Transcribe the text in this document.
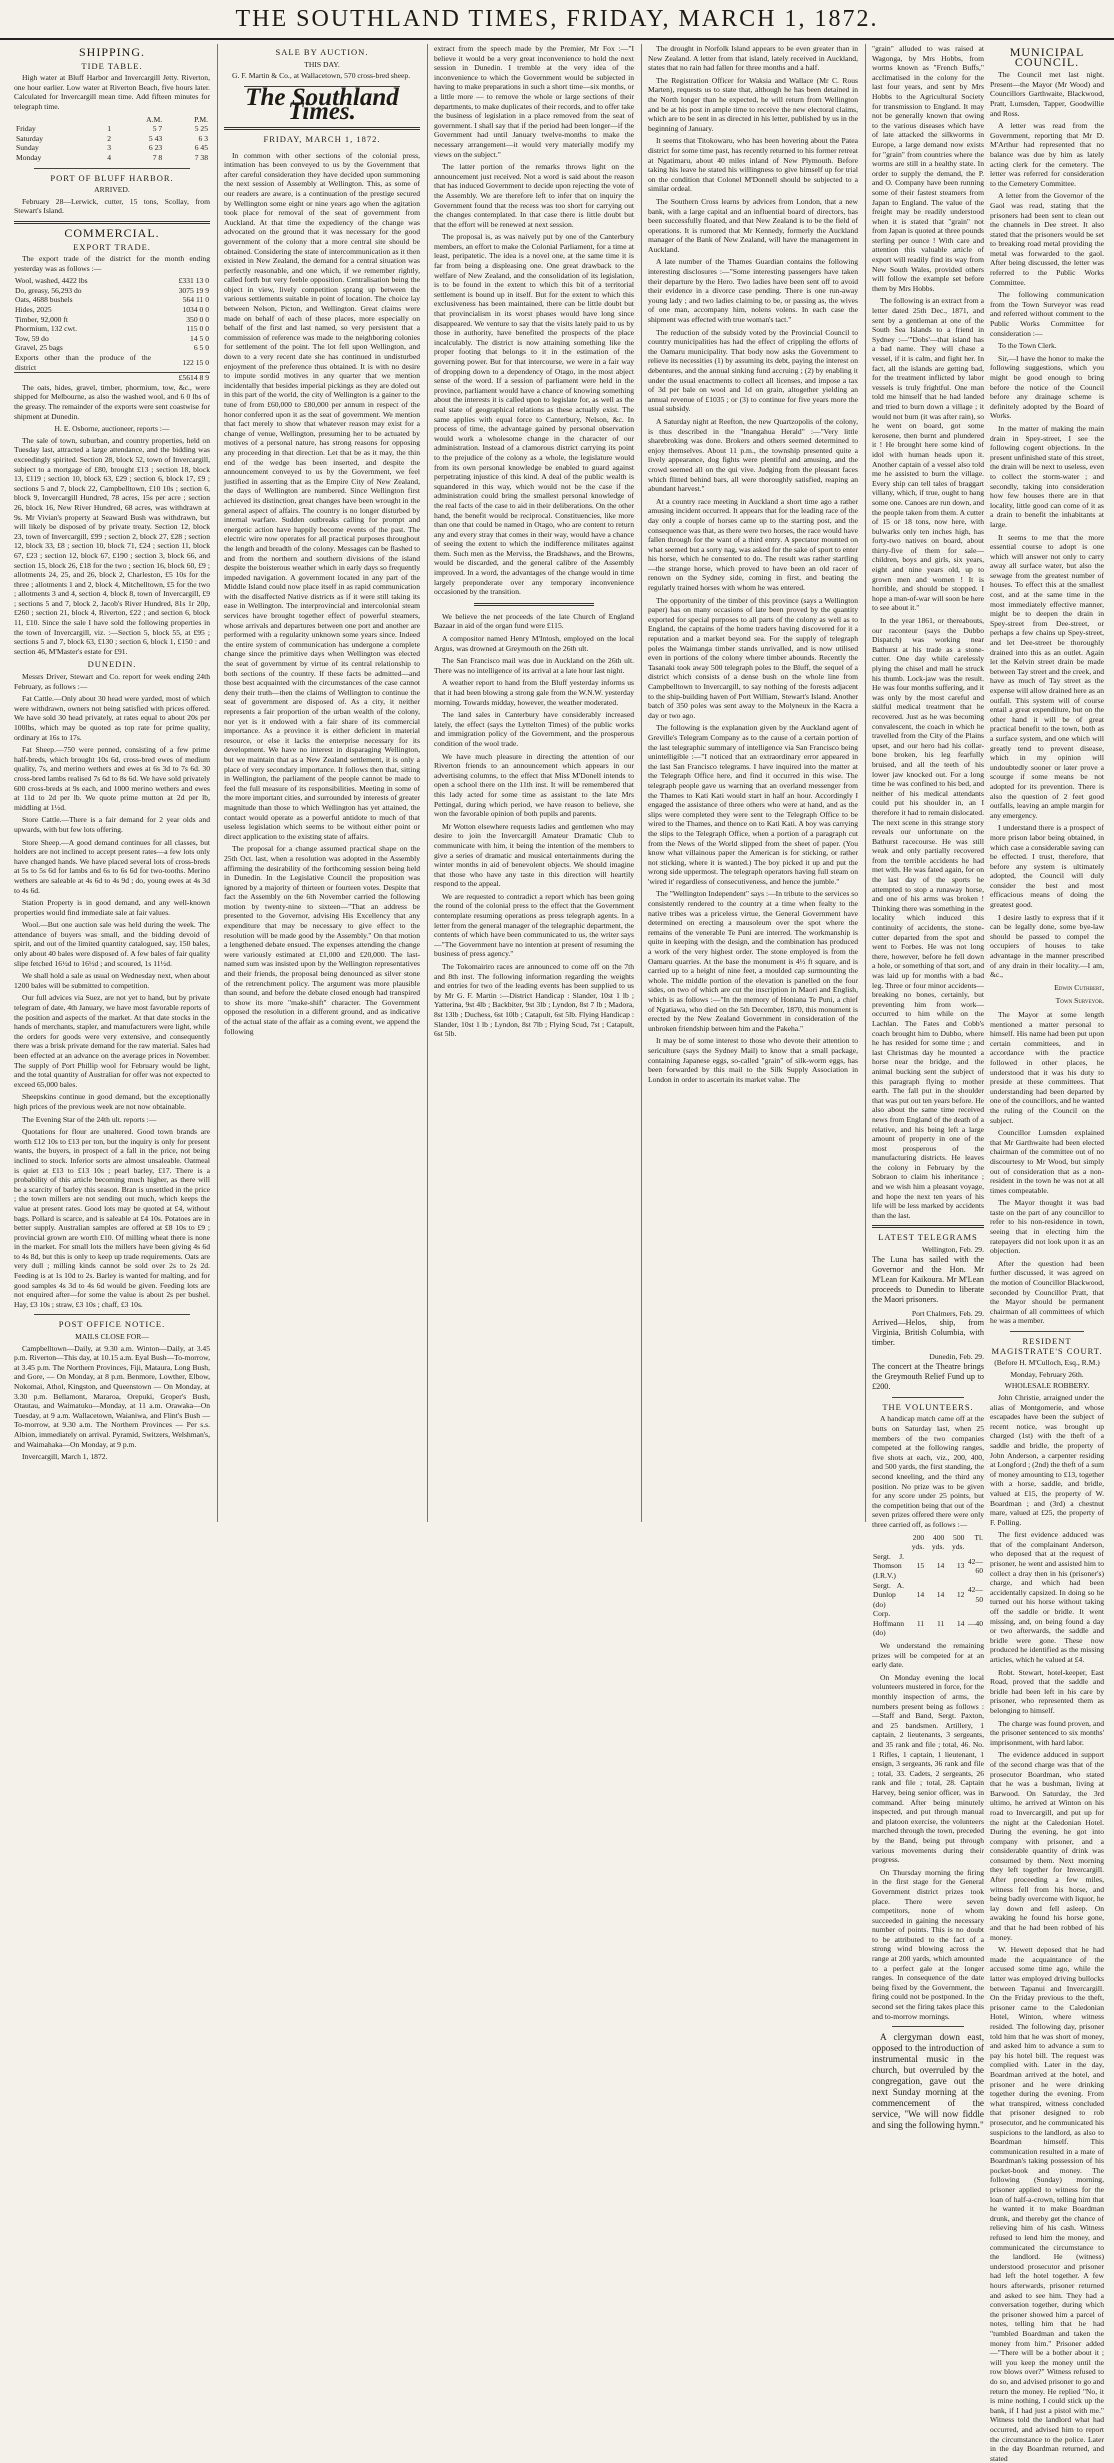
THE SOUTHLAND TIMES, FRIDAY, MARCH 1, 1872.
SHIPPING.
TIDE TABLE.

High water at Bluff Harbor and Invercargill Jetty. Riverton, one hour earlier. Low water at Riverton Beach, five hours later. Calculated for Invercargill mean time. Add fifteen minutes for telegraph time.

		A.M.	P.M.
Friday	1	5 7	5 25
Saturday	2	5 43	6 3
Sunday	3	6 23	6 45
Monday	4	7 8	7 38
PORT OF BLUFF HARBOR.
ARRIVED.

February 28—Lerwick, cutter, 15 tons, Scollay, from Stewart's Island.

COMMERCIAL.
EXPORT TRADE.

The export trade of the district for the month ending yesterday was as follows :—

Wool, washed, 4422 lbs	£331 13 0
Do, greasy, 56,293 do	3075 19 9
Oats, 4688 bushels	564 11 0
Hides, 2025	1034 0 0
Timber, 92,000 ft	350 0 0
Phormium, 132 cwt.	115 0 0
Tow, 59 do	14 5 0
Gravel, 25 bags	6 5 0
Exports other than the produce of the district	122 15 0
	£5614 8 9

The oats, hides, gravel, timber, phormium, tow, &c., were shipped for Melbourne, as also the washed wool, and 6 0 lbs of the greasy. The remainder of the exports were sent coastwise for shipment at Dunedin.

H. E. Osborne, auctioneer, reports :—

The sale of town, suburban, and country properties, held on Tuesday last, attracted a large attendance, and the bidding was exceedingly spirited. Section 28, block 52, town of Invercargill, subject to a mortgage of £80, brought £13 ; section 18, block 13, £119 ; section 10, block 63, £29 ; section 6, block 17, £9 ; sections 5 and 7, block 22, Campbelltown, £10 10s ; section 6, block 9, Invercargill Hundred, 78 acres, 15s per acre ; section 26, block 16, New River Hundred, 68 acres, was withdrawn at 9s. Mr Vivian's property at Seaward Bush was withdrawn, but will likely be disposed of by private treaty. Section 12, block 23, town of Invercargill, £99 ; section 2, block 27, £28 ; section 12, block 33, £8 ; section 10, block 71, £24 ; section 11, block 67, £23 ; section 12, block 67, £190 ; section 3, block 66, and section 15, block 26, £18 for the two ; section 16, block 60, £9 ; allotments 24, 25, and 26, block 2, Charleston, £5 10s for the three ; allotments 1 and 2, block 4, Mitchelltown, £5 for the two ; allotments 3 and 4, section 4, block 8, town of Invercargill, £9 ; sections 5 and 7, block 2, Jacob's River Hundred, 81s 1r 20p, £260 ; section 21, block 4, Riverton, £22 ; and section 6, block 11, £10. Since the sale I have sold the following properties in the town of Invercargill, viz. :—Section 5, block 55, at £95 ; sections 5 and 7, block 63, £130 ; section 6, block 1, £150 : and section 46, M'Master's estate for £91.

DUNEDIN.

Messrs Driver, Stewart and Co. report for week ending 24th February, as follows :—

Fat Cattle.—Only about 30 head were yarded, most of which were withdrawn, owners not being satisfied with prices offered. We have sold 30 head privately, at rates equal to about 20s per 100lbs, which may be quoted as top rate for prime quality, ordinary at 16s to 17s.

Fat Sheep.—750 were penned, consisting of a few prime half-breds, which brought 10s 6d, cross-bred ewes of medium quality, 7s, and merino wethers and ewes at 6s 3d to 7s 6d. 30 cross-bred lambs realised 7s 6d to 8s 6d. We have sold privately 600 cross-breds at 9s each, and 1000 merino wethers and ewes at 11d to 2d per lb. We quote prime mutton at 2d per lb, middling at 1½d.

Store Cattle.—There is a fair demand for 2 year olds and upwards, with but few lots offering.

Store Sheep.—A good demand continues for all classes, but holders are not inclined to accept present rates—a few lots only have changed hands. We have placed several lots of cross-breds at 5s to 5s 6d for lambs and 6s to 6s 6d for two-tooths. Merino wethers are saleable at 4s 6d to 4s 9d ; do, young ewes at 4s 3d to 4s 6d.

Station Property is in good demand, and any well-known properties would find immediate sale at fair values.

Wool.—But one auction sale was held during the week. The attendance of buyers was small, and the bidding devoid of spirit, and out of the limited quantity catalogued, say, 150 bales, only about 40 bales were disposed of. A few bales of fair quality slipe fetched 16½d to 16½d ; and scoured, 1s 11½d.

We shall hold a sale as usual on Wednesday next, when about 1200 bales will be submitted to competition.

Our full advices via Suez, are not yet to hand, but by private telegram of date, 4th January, we have most favorable reports of the position and aspects of the market. At that date stocks in the hands of merchants, stapler, and manufacturers were light, while the orders for goods were very extensive, and consequently there was a brisk private demand for the raw material. Sales had been effected at an advance on the average prices in November. The supply of Port Phillip wool for February would be light, and the total quantity of Australian for offer was not expected to exceed 65,000 bales.

Sheepskins continue in good demand, but the exceptionally high prices of the previous week are not now obtainable.

The Evening Star of the 24th ult. reports :—

Quotations for flour are unaltered. Good town brands are worth £12 10s to £13 per ton, but the inquiry is only for present wants, the buyers, in prospect of a fall in the price, not being inclined to stock. Inferior sorts are almost unsaleable. Oatmeal is quiet at £13 to £13 10s ; pearl barley, £17. There is a probability of this article becoming much higher, as there will be a scarcity of barley this season. Bran is unsettled in the price ; the town millers are not sending out much, which keeps the value at present rates. Good lots may be quoted at £4, without bags. Pollard is scarce, and is saleable at £4 10s. Potatoes are in better supply. Australian samples are offered at £8 10s to £9 ; provincial grown are worth £10. Of milling wheat there is none in the market. For small lots the millers have been giving 4s 6d to 4s 8d, but this is only to keep up trade requirements. Oats are very dull ; milling kinds cannot be sold over 2s to 2s 2d. Feeding is at 1s 10d to 2s. Barley is wanted for malting, and for good samples 4s 3d to 4s 6d would be given. Feeding lots are not enquired after—for some the value is about 2s per bushel. Hay, £3 10s ; straw, £3 10s ; chaff, £3 10s.

POST OFFICE NOTICE.
MAILS CLOSE FOR—

Campbelltown—Daily, at 9.30 a.m. Winton—Daily, at 3.45 p.m. Riverton—This day, at 10.15 a.m. Eyal Bush—To-morrow, at 3.45 p.m. The Northern Provinces, Fiji, Mataura, Long Bush, and Gore, — On Monday, at 8 p.m. Benmore, Lowther, Elbow, Nokomai, Athol, Kingston, and Queenstown — On Monday, at 3.30 p.m. Bellamont, Mararoa, Orepuki, Groper's Bush, Otautau, and Waimatuku—Monday, at 11 a.m. Orawaka—On Tuesday, at 9 a.m. Wallacetown, Waianiwa, and Flint's Bush — To-morrow, at 9.30 a.m. The Northern Provinces — Per s.s. Albion, immediately on arrival. Pyramid, Switzers, Welshman's, and Waimahaka—On Monday, at 9 p.m.

Invercargill, March 1, 1872.

SALE BY AUCTION.
THIS DAY.

G. F. Martin & Co., at Wallacetown, 570 cross-bred sheep.

The Southland Times.
FRIDAY, MARCH 1, 1872.

In common with other sections of the colonial press, intimation has been conveyed to us by the Government that after careful consideration they have decided upon summoning the next session of Assembly at Wellington. This, as some of our readers are aware, is a continuation of the prestige secured by Wellington some eight or nine years ago when the agitation took place for removal of the seat of government from Auckland. At that time the expediency of the change was advocated on the ground that it was necessary for the good government of the colony that a more central site should be obtained. Considering the state of intercommunication as it then existed in New Zealand, the demand for a central situation was perfectly reasonable, and one which, if we remember rightly, called forth but very feeble opposition. Centralisation being the object in view, lively competition sprang up between the various settlements suitable in point of location. The choice lay between Nelson, Picton, and Wellington. Great claims were made on behalf of each of these places, more especially on behalf of the first and last named, so very persistent that a commission of reference was made to the neighboring colonies for settlement of the point. The lot fell upon Wellington, and down to a very recent date she has continued in undisturbed enjoyment of the preference thus obtained. It is with no desire to impute sordid motives in any quarter that we mention incidentally that besides imperial pickings as they are doled out in this part of the world, the city of Wellington is a gainer to the tune of from £60,000 to £80,000 per annum in respect of the honor conferred upon it as the seat of government. We mention that fact merely to show that whatever reason may exist for a change of venue, Wellington, presuming her to be actuated by motives of a personal nature, has strong reasons for opposing any proceeding in that direction. Let that be as it may, the thin end of the wedge has been inserted, and despite the announcement conveyed to us by the Government, we feel justified in asserting that as the Empire City of New Zealand, the days of Wellington are numbered. Since Wellington first achieved its distinction, great changes have been wrought in the general aspect of affairs. The country is no longer disturbed by internal warfare. Sudden outbreaks calling for prompt and energetic action have happily become events of the past. The electric wire now operates for all practical purposes throughout the length and breadth of the colony. Messages can be flashed to and from the northern and southern divisions of the island despite the boisterous weather which in early days so frequently impeded navigation. A government located in any part of the Middle Island could now place itself in as rapid communication with the disaffected Native districts as if it were still taking its ease in Wellington. The interprovincial and intercolonial steam services have brought together effect of powerful steamers, whose arrivals and departures between one port and another are performed with a regularity unknown some years since. Indeed the entire system of communication has undergone a complete change since the primitive days when Wellington was elected the seat of government by virtue of its central relationship to both sections of the country. If these facts be admitted—and those best acquainted with the circumstances of the case cannot deny their truth—then the claims of Wellington to continue the seat of government are disposed of. As a city, it neither represents a fair proportion of the urban wealth of the colony, nor yet is it endowed with a fair share of its commercial importance. As a province it is either deficient in material resource, or else it lacks the enterprise necessary for its development. We have no interest in disparaging Wellington, but we maintain that as a New Zealand settlement, it is only a place of very secondary importance. It follows then that, sitting in Wellington, the parliament of the people cannot be made to feel the full measure of its responsibilities. Meeting in some of the more important cities, and surrounded by interests of greater magnitude than those to which Wellington has yet attained, the contact would operate as a powerful antidote to much of that useless legislation which seems to be without either point or direct application to the existing state of affairs.

The proposal for a change assumed practical shape on the 25th Oct. last, when a resolution was adopted in the Assembly affirming the desirability of the forthcoming session being held in Dunedin. In the Legislative Council the proposition was ignored by a majority of thirteen or fourteen votes. Despite that fact the Assembly on the 6th November carried the following motion by twenty-nine to sixteen—"That an address be presented to the Governor, advising His Excellency that any expenditure that may be necessary to give effect to the resolution will be made good by the Assembly." On that motion a lengthened debate ensued. The expenses attending the change were variously estimated at £1,000 and £20,000. The last-named sum was insisted upon by the Wellington representatives and their friends, the proposal being denounced as silver stone of the retrenchment policy. The argument was more plausible than sound, and before the debate closed enough had transpired to show its more "make-shift" character. The Government opposed the resolution in a different ground, and as indicative of the actual state of the affair as a coming event, we append the following

extract from the speech made by the Premier, Mr Fox :—"I believe it would be a very great inconvenience to hold the next session in Dunedin. I tremble at the very idea of the inconvenience to which the Government would be subjected in having to make preparations in such a short time—six months, or a little more — to remove the whole or large sections of their departments, to make duplicates of their records, and to offer take the business of legislation in a place removed from the seat of government. I shall say that if the period had been longer—if the Government had until January twelve-months to make the necessary arrangement—it would very materially modify my views on the subject."

The latter portion of the remarks throws light on the announcement just received. Not a word is said about the reason that has induced Government to decide upon rejecting the vote of the Assembly. We are therefore left to infer that on inquiry the Government found that the recess was too short for carrying out the changes contemplated. In that case there is little doubt but that the effort will be renewed at next session.

The proposal is, as was naively put by one of the Canterbury members, an effort to make the Colonial Parliament, for a time at least, peripatetic. The idea is a novel one, at the same time it is far from being a displeasing one. One great drawback to the welfare of New Zealand, and the consolidation of its legislation, is to be found in the extent to which this bit of a territorial settlement is bound up in itself. But for the extent to which this exclusiveness has been maintained, there can be little doubt but that provincialism in its worst phases would have long since disappeared. We venture to say that the visits lately paid to us by those in authority, have benefited the prospects of the place incalculably. The district is now attaining something like the proper footing that belongs to it in the estimation of the governing power. But for that intercourse, we were in a fair way of dropping down to a dependency of Otago, in the most abject sense of the word. If a session of parliament were held in the province, parliament would have a chance of knowing something about the interests it is called upon to legislate for, as well as the real state of geographical relations as these actually exist. The same applies with equal force to Canterbury, Nelson, &c. In process of time, the advantage gained by personal observation would work a wholesome change in the character of our administration. Instead of a clamorous district carrying its point to the prejudice of the colony as a whole, the legislature would from its own personal knowledge be enabled to guard against perpetrating injustice of this kind. A deal of the public wealth is squandered in this way, which would not be the case if the administration could bring the smallest personal knowledge of the real facts of the case to aid in their deliberations. On the other hand, the benefit would be reciprocal. Constituencies, like more than one that could be named in Otago, who are content to return any and every stray that comes in their way, would have a chance of seeing the extent to which the indifference militates against them. Such men as the Merviss, the Bradshaws, and the Browns, would be discarded, and the general calibre of the Assembly improved. In a word, the advantages of the change would in time largely preponderate over any temporary inconvenience occasioned by the transition.

We believe the net proceeds of the late Church of England Bazaar in aid of the organ fund were £115.

A compositor named Henry M'Intosh, employed on the local Argus, was drowned at Greymouth on the 26th ult.

The San Francisco mail was due in Auckland on the 26th ult. There was no intelligence of its arrival at a late hour last night.

A weather report to hand from the Bluff yesterday informs us that it had been blowing a strong gale from the W.N.W. yesterday morning. Towards midday, however, the weather moderated.

The land sales in Canterbury have considerably increased lately, the effect (says the Lyttelton Times) of the public works and immigration policy of the Government, and the prosperous condition of the wool trade.

We have much pleasure in directing the attention of our Riverton friends to an announcement which appears in our advertising columns, to the effect that Miss M'Donell intends to open a school there on the 11th inst. It will be remembered that this lady acted for some time as assistant to the late Mrs Pettingal, during which period, we have reason to believe, she won the favorable opinion of both pupils and parents.

Mr Wotton elsewhere requests ladies and gentlemen who may desire to join the Invercargill Amateur Dramatic Club to communicate with him, it being the intention of the members to give a series of dramatic and musical entertainments during the winter months in aid of benevolent objects. We should imagine that those who have any taste in this direction will heartily respond to the appeal.

We are requested to contradict a report which has been going the round of the colonial press to the effect that the Government contemplate resuming operations as press telegraph agents. In a letter from the general manager of the telegraphic department, the contents of which have been communicated to us, the writer says—"The Government have no intention at present of resuming the business of press agency."

The Tokomairiro races are announced to come off on the 7th and 8th inst. The following information regarding the weights and entries for two of the leading events has been supplied to us by Mr G. F. Martin :—District Handicap : Slander, 10st 1 lb ; Yatterina, 9st 4lb ; Backbiter, 9st 3lb ; Lyndon, 8st 7 lb ; Madora, 8st 13lb ; Duchess, 6st 10lb ; Catapult, 6st 5lb. Flying Handicap : Slander, 10st 1 lb ; Lyndon, 8st 7lb ; Flying Scud, 7st ; Catapult, 6st 5lb.

The drought in Norfolk Island appears to be even greater than in New Zealand. A letter from that island, lately received in Auckland, states that no rain had fallen for three months and a half.

The Registration Officer for Waksia and Wallace (Mr C. Rous Marten), requests us to state that, although he has been detained in the North longer than he expected, he will return from Wellington and be at his post in ample time to receive the new electoral claims, which are to be sent in as directed in his letter, published by us in the beginning of January.

It seems that Titokowaru, who has been hovering about the Patea district for some time past, has recently returned to his former retreat at Ngatimaru, about 40 miles inland of New Plymouth. Before taking his leave he stated his willingness to give himself up for trial on the condition that Colonel M'Donnell should be subjected to a similar ordeal.

The Southern Cross learns by advices from London, that a new bank, with a large capital and an influential board of directors, has been successfully floated, and that New Zealand is to be the field of operations. It is rumored that Mr Kennedy, formerly the Auckland manager of the Bank of New Zealand, will have the management in Auckland.

A late number of the Thames Guardian contains the following interesting disclosures :—"Some interesting passengers have taken their departure by the Hero. Two ladies have been sent off to avoid their evidence in a divorce case pending. There is one run-away young lady ; and two ladies claiming to be, or passing as, the wives of one man, accompany him, nolens volens. In each case the shipment was effected with true woman's tact."

The reduction of the subsidy voted by the Provincial Council to country municipalities has had the effect of crippling the efforts of the Oamaru municipality. That body now asks the Government to relieve its necessities (1) by assuming its debt, paying the interest on debentures, and the annual sinking fund accruing ; (2) by enabling it under the usual enactments to collect all licenses, and impose a tax of 3d per bale on wool and 1d on grain, altogether yielding an annual revenue of £1035 ; or (3) to continue for five years more the usual subsidy.

A Saturday night at Reefton, the new Quartzopolis of the colony, is thus described in the "Inangahua Herald" :—"Very little sharebroking was done. Brokers and others seemed determined to enjoy themselves. About 11 p.m., the township presented quite a lively appearance, dog fights were plentiful and amusing, and the crowd seemed all on the qui vive. Judging from the pleasant faces which flitted behind bars, all were thoroughly satisfied, reaping an abundant harvest."

At a country race meeting in Auckland a short time ago a rather amusing incident occurred. It appears that for the leading race of the day only a couple of horses came up to the starting post, and the consequence was that, as there were two horses, the race would have fallen through for the want of a third entry. A spectator mounted on what seemed but a sorry nag, was asked for the sake of sport to enter his horse, which he consented to do. The result was rather startling—the strange horse, which proved to have been an old racer of renown on the Sydney side, coming in first, and beating the regularly trained horses with whom he was entered.

The opportunity of the timber of this province (says a Wellington paper) has on many occasions of late been proved by the quantity exported for special purposes to all parts of the colony as well as to England, the captains of the home traders having discovered for it a reputation and a market beyond sea. For the supply of telegraph poles the Waimanga timber stands unrivalled, and is now utilised even in portions of the colony where timber abounds. Recently the Tasanaki took away 500 telegraph poles to the Bluff, the sequel of a district which consists of a dense bush on the whole line from Campbelltown to Invercargill, to say nothing of the forests adjacent to the ship-building haven of Port William, Stewart's Island. Another batch of 350 poles was sent away to the Molyneux in the Kacra a day or two ago.

The following is the explanation given by the Auckland agent of Greville's Telegram Company as to the cause of a certain portion of the last telegraphic summary of intelligence via San Francisco being unintelligible :—"I noticed that an extraordinary error appeared in the last San Francisco telegrams. I have inquired into the matter at the Telegraph Office here, and find it occurred in this wise. The telegraph people gave us warning that an overland messenger from the Thames to Kati Kati would start in half an hour. Accordingly I engaged the assistance of three others who were at hand, and as the slips were completed they were sent to the Telegraph Office to be wired to the Thames, and thence on to Kati Kati. A boy was carrying the slips to the Telegraph Office, when a portion of a paragraph cut from the News of the World slipped from the sheet of paper. (You know what villainous paper the American is for sticking, or rather not sticking, where it is wanted.) The boy picked it up and put the wrong side uppermost. The telegraph operators having full steam on 'wired it' regardless of consecutiveness, and hence the jumble."

The "Wellington Independent" says :—In tribute to the services so consistently rendered to the country at a time when fealty to the native tribes was a priceless virtue, the General Government have determined on erecting a mausoleum over the spot where the remains of the venerable Te Puni are interred. The workmanship is quite in keeping with the design, and the combination has produced a work of the very highest order. The stone employed is from the Oamaru quarries. At the base the monument is 4½ ft square, and is carried up to a height of nine feet, a moulded cap surmounting the whole. The middle portion of the elevation is panelled on the four sides, on two of which are cut the inscription in Maori and English, which is as follows :—"In the memory of Honiana Te Puni, a chief of Ngatiawa, who died on the 5th December, 1870, this monument is erected by the New Zealand Government in consideration of the unbroken friendship between him and the Pakeha."

It may be of some interest to those who devote their attention to sericulture (says the Sydney Mail) to know that a small package, containing Japanese eggs, so-called "grain" of silk-worm eggs, has been forwarded by this mail to the Silk Supply Association in London in order to ascertain its market value. The

"grain" alluded to was raised at Wagonga, by Mrs Hobbs, from worms known as "French Buffs," acclimatised in the colony for the last four years, and sent by Mrs Hobbs to the Agricultural Society for transmission to England. It may not be generally known that owing to the various diseases which have of late attacked the silkworms in Europe, a large demand now exists for "grain" from countries where the worms are still in a healthy state. In order to supply the demand, the P. and O. Company have been running some of their fastest steamers from Japan to England. The value of the freight may be readily understood when it is stated that "grain" not from Japan is quoted at three pounds sterling per ounce ! With care and attention this valuable article of export will readily find its way from New South Wales, provided others will follow the example set before them by Mrs Hobbs.

The following is an extract from a letter dated 25th Dec., 1871, and sent by a gentleman at one of the South Sea Islands to a friend in Sydney :—"'Dobs'—that island has a bad name. They will chase a vessel, if it is calm, and fight her. In fact, all the islands are getting bad, for the treatment inflicted by labor vessels is truly frightful. One man told me himself that he had landed and tried to burn down a village ; it would not burn (it was after rain), so he went on board, got some kerosene, then burnt and plundered it ! He brought here some kind of idol with human heads upon it. Another captain of a vessel also told me he assisted to burn the village. Every ship can tell tales of braggart villany, which, if true, ought to hang some one. Canoes are run down, and the people taken from them. A cutter of 15 or 18 tons, now here, with bulwarks only ten inches high, has forty-two natives on board, about thirty-five of them for sale—children, boys and girls, six years, eight and nine years old, up to grown men and women ! It is horrible, and should be stopped. I hope a man-of-war will soon be here to see about it."

In the year 1861, or thereabouts, our raconteur (says the Dubbo Dispatch) was working near Bathurst at his trade as a stone-cutter. One day while carelessly plying the chisel and mall he struck his thumb. Lock-jaw was the result. He was four months suffering, and it was only by the most careful and skilful medical treatment that he recovered. Just as he was becoming convalescent, the coach in which he travelled from the City of the Plains upset, and our hero had his collar-bone broken, his leg fearfully bruised, and all the teeth of his lower jaw knocked out. For a long time he was confined to his bed, and neither of his medical attendants could put his shoulder in, an I therefore it had to remain dislocated. The next scene in this strange story reveals our unfortunate on the Bathurst racecourse. He was still weak and only partially recovered from the terrible accidents he had met with. He was fated again, for on the last day of the sports he attempted to stop a runaway horse, and one of his arms was broken ! Thinking there was something in the locality which induced this continuity of accidents, the stone-cutter departed from the spot and went to Forbes. He was not long there, however, before he fell down a hole, or something of that sort, and was laid up for months with a bad leg. Three or four minor accidents—breaking no bones, certainly, but preventing him from work—occurred to him while on the Lachlan. The Fates and Cobb's coach brought him to Dubbo, where he has resided for some time ; and last Christmas day he mounted a horse near the bridge, and the animal bucking sent the subject of this paragraph flying to mother earth. The fall put in the shoulder that was put out ten years before. He also about the same time received news from England of the death of a relative, and his being left a large amount of property in one of the most prosperous of the manufacturing districts. He leaves the colony in February by the Sobraon to claim his inheritance ; and we wish him a pleasant voyage, and hope the next ten years of his life will be less marked by accidents than the last.

LATEST TELEGRAMS
Wellington, Feb. 29.
The Luna has sailed with the Governor and the Hon. Mr M'Lean for Kaikoura. Mr M'Lean proceeds to Dunedin to liberate the Maori prisoners.
Port Chalmers, Feb. 29.
Arrived—Helos, ship, from Virginia, British Columbia, with timber.
Dunedin, Feb. 29.
The concert at the Theatre brings the Greymouth Relief Fund up to £200.
THE VOLUNTEERS.

A handicap match came off at the butts on Saturday last, when 25 members of the two companies competed at the following ranges, five shots at each, viz., 200, 400, and 500 yards, the first standing, the second kneeling, and the third any position. No prize was to be given for any score under 25 points, but the competition being that out of the seven prizes offered there were only three carried off, as follows :—

	200	400	500	Tl.
	yds.	yds.	yds.	
Sergt. J. Thomson (I.R.V.)	15	14	13	42—60
Sergt. A. Dunlop (do)	14	14	12	42—50
Corp. Hoffmann (do)	11	11	14	—40

We understand the remaining prizes will be competed for at an early date.

On Monday evening the local volunteers mustered in force, for the monthly inspection of arms, the numbers present being as follows :—Staff and Band, Sergt. Paxton, and 25 bandsmen. Artillery, 1 captain, 2 lieutenants, 3 sergeants, and 35 rank and file ; total, 46. No. 1 Rifles, 1 captain, 1 lieutenant, 1 ensign, 3 sergeants, 36 rank and file ; total, 33. Cadets, 2 sergeants, 26 rank and file ; total, 28. Captain Harvey, being senior officer, was in command. After being minutely inspected, and put through manual and platoon exercise, the volunteers marched through the town, preceded by the Band, being put through various movements during their progress.

On Thursday morning the firing in the first stage for the General Government district prizes took place. There were seven competitors, none of whom succeeded in gaining the necessary number of points. This is no doubt to be attributed to the fact of a strong wind blowing across the range at 200 yards, which amounted to a perfect gale at the longer ranges. In consequence of the date being fixed by the Government, the firing could not be postponed. In the second set the firing takes place this and to-morrow mornings.

A clergyman down east, opposed to the introduction of instrumental music in the church, but overruled by the congregation, gave out the next Sunday morning at the commencement of the service, "We will now fiddle and sing the following hymn."

MUNICIPAL COUNCIL.

The Council met last night. Present—the Mayor (Mr Wood) and Councillors Garthwaite, Blackwood, Pratt, Lumsden, Tapper, Goodwillie and Ross.

A letter was read from the Government, reporting that Mr D. M'Arthur had represented that no balance was due by him as lately acting clerk for the cemetery. The letter was referred for consideration to the Cemetery Committee.

A letter from the Governor of the Gaol was read, stating that the prisoners had been sent to clean out the channels in Dee street. It also stated that the prisoners would be set to breaking road metal providing the metal was forwarded to the gaol. After being discussed, the letter was referred to the Public Works Committee.

The following communication from the Town Surveyor was read and referred without comment to the Public Works Committee for consideration :—

To the Town Clerk.

Sir,—I have the honor to make the following suggestions, which you might be good enough to bring before the notice of the Council before any drainage scheme is definitely adopted by the Board of Works.

In the matter of making the main drain in Spey-street, I see the following cogent objections. In the present unfinished state of this street, the drain will be next to useless, even to collect the storm-water ; and secondly, taking into consideration how few houses there are in that locality, little good can come of it as a drain to benefit the inhabitants at large.

It seems to me that the more essential course to adopt is one which will answer not only to carry away all surface water, but also the sewage from the greatest number of houses. To effect this at the smallest cost, and at the same time in the most immediately effective manner, might be to deepen the drain in Spey-street from Dee-street, or perhaps a few chains up Spey-street, and let Dee-street be thoroughly drained into this as an outlet. Again let the Kelvin street drain be made between Tay street and the creek, and have as much of Tay street as the expense will allow drained here as an outfall. This system will of course entail a great expenditure, but on the other hand it will be of great practical benefit to the town, both as a surface system, and one which will greatly tend to prevent disease, which in my opinion will undoubtedly sooner or later prove a scourge if some means be not adopted for its prevention. There is also the question of 2 feet good outfalls, leaving an ample margin for any emergency.

I understand there is a prospect of more prison labor being obtained, in which case a considerable saving can be effected. I trust, therefore, that before any system is ultimately adopted, the Council will duly consider the best and most efficacious means of doing the greatest good.

I desire lastly to express that if it can be legally done, some bye-law should be passed to compel the occupiers of houses to take advantage in the manner prescribed of any drain in their locality.—I am, &c.,

Edwin Cuthbert,
Town Surveyor.

The Mayor at some length mentioned a matter personal to himself. His name had been put upon certain committees, and in accordance with the practice followed in other places, he understood that it was his duty to preside at these committees. That understanding had been departed by one of the councillors, and he wanted the ruling of the Council on the subject.

Councillor Lumsden explained that Mr Garthwaite had been elected chairman of the committee out of no discourtesy to Mr Wood, but simply out of consideration that as a non-resident in the town he was not at all times compeatable.

The Mayor thought it was bad taste on the part of any councillor to refer to his non-residence in town, seeing that in electing him the ratepayers did not look upon it as an objection.

After the question had been further discussed, it was agreed on the motion of Councillor Blackwood, seconded by Councillor Pratt, that the Mayor should be permanent chairman of all committees of which he was a member.

RESIDENT MAGISTRATE'S COURT.
(Before H. M'Culloch, Esq., R.M.)
Monday, February 26th.
WHOLESALE ROBBERY.

John Christie, arraigned under the alias of Montgomerie, and whose escapades have been the subject of recent notice, was brought up charged (1st) with the theft of a saddle and bridle, the property of John Anderson, a carpenter residing at Longford ; (2nd) the theft of a sum of money amounting to £13, together with a horse, saddle, and bridle, valued at £15, the property of W. Boardman ; and (3rd) a chestnut mare, valued at £25, the property of F. Polling.

The first evidence adduced was that of the complainant Anderson, who deposed that at the request of prisoner, he went and assisted him to collect a dray then in his (prisoner's) charge, and which had been accidentally capsized. In doing so he turned out his horse without taking off the saddle or bridle. It went missing, and, on being found a day or two afterwards, the saddle and bridle were gone. These now produced he identified as the missing articles, which he valued at £4.

Robt. Stewart, hotel-keeper, East Road, proved that the saddle and bridle had been left in his care by prisoner, who represented them as belonging to himself.

The charge was found proven, and the prisoner sentenced to six months' imprisonment, with hard labor.

The evidence adduced in support of the second charge was that of the prosecutor Boardman, who stated that he was a bushman, living at Barwood. On Saturday, the 3rd ultimo, he arrived at Winton on his road to Invercargill, and put up for the night at the Caledonian Hotel. During the evening, he got into company with prisoner, and a considerable quantity of drink was consumed by them. Next morning they left together for Invercargill. After proceeding a few miles, witness fell from his horse, and being badly overcome with liquor, he lay down and fell asleep. On awaking he found his horse gone, and that he had been robbed of his money.

W. Hewett deposed that he had made the acquaintance of the accused some time ago, while the latter was employed driving bullocks between Tapanui and Invercargill. On the Friday previous to the theft, prisoner came to the Caledonian Hotel, Winton, where witness resided. The following day, prisoner told him that he was short of money, and asked him to advance a sum to pay his hotel bill. The request was complied with. Later in the day, Boardman arrived at the hotel, and prisoner and he were drinking together during the evening. From what transpired, witness concluded that prisoner designed to rob prosecutor, and he communicated his suspicions to the landlord, as also to Boardman himself. This communication resulted in a mate of Boardman's taking possession of his pocket-book and money. The following (Sunday) morning, prisoner applied to witness for the loan of half-a-crown, telling him that he wanted it to make Boardman drunk, and thereby get the chance of relieving him of his cash. Witness refused to lend him the money, and communicated the circumstance to the landlord. He (witness) understood prosecutor and prisoner had left the hotel together. A few hours afterwards, prisoner returned and asked to see him. They had a conversation together, during which the prisoner showed him a parcel of notes, telling him that he had "tumbled Boardman and taken the money from him." Prisoner added—"There will be a bother about it ; will you keep the money until the row blows over?" Witness refused to do so, and advised prisoner to go and return the money. He replied "No, it is mine nothing, I could stick up the bank, if I had just a pistol with me." Witness told the landlord what had occurred, and advised him to report the circumstance to the police. Later in the day Boardman returned, and stated
